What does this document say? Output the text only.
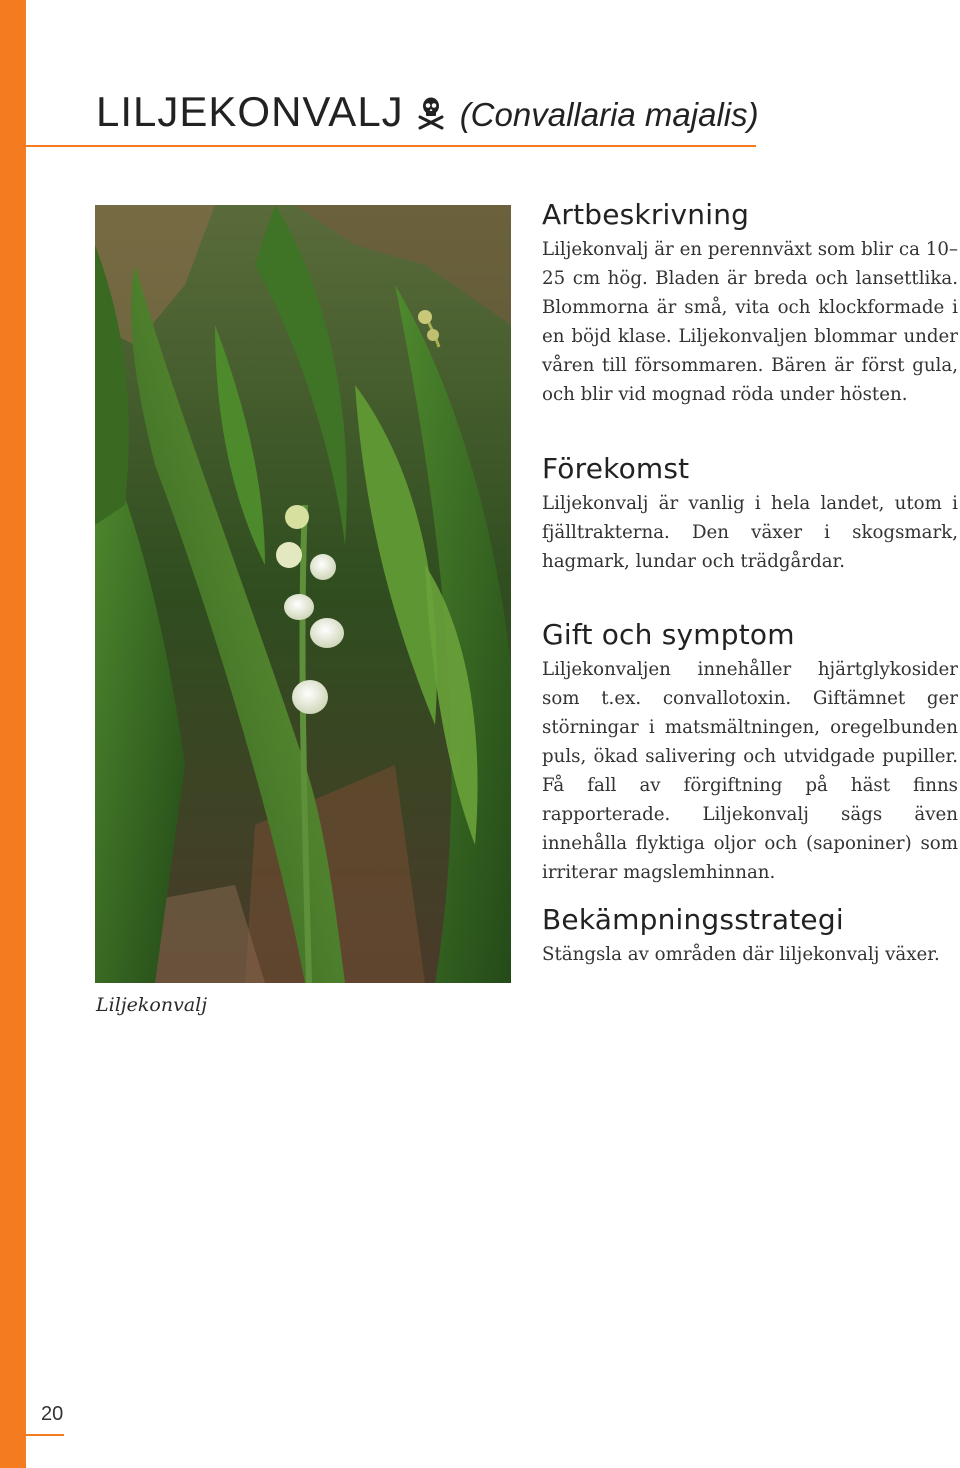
LILJEKONVALJ (Convallaria majalis)
Liljekonvalj
Artbeskrivning

Liljekonvalj är en perennväxt som blir ca 10–25 cm hög. Bladen är breda och lansettlika. Blommorna är små, vita och klockformade i en böjd klase. Liljekonvaljen blommar under våren till försommaren. Bären är först gula, och blir vid mognad röda under hösten.

Förekomst

Liljekonvalj är vanlig i hela landet, utom i fjälltrakterna. Den växer i skogsmark, hagmark, lundar och trädgårdar.

Gift och symptom

Liljekonvaljen innehåller hjärtglykosider som t.ex. convallotoxin. Giftämnet ger störningar i matsmältningen, oregelbunden puls, ökad salivering och utvidgade pupiller. Få fall av förgiftning på häst finns rapporterade. Liljekonvalj sägs även innehålla flyktiga oljor och (saponiner) som irriterar magslemhinnan.

Bekämpningsstrategi

Stängsla av områden där liljekonvalj växer.

20
